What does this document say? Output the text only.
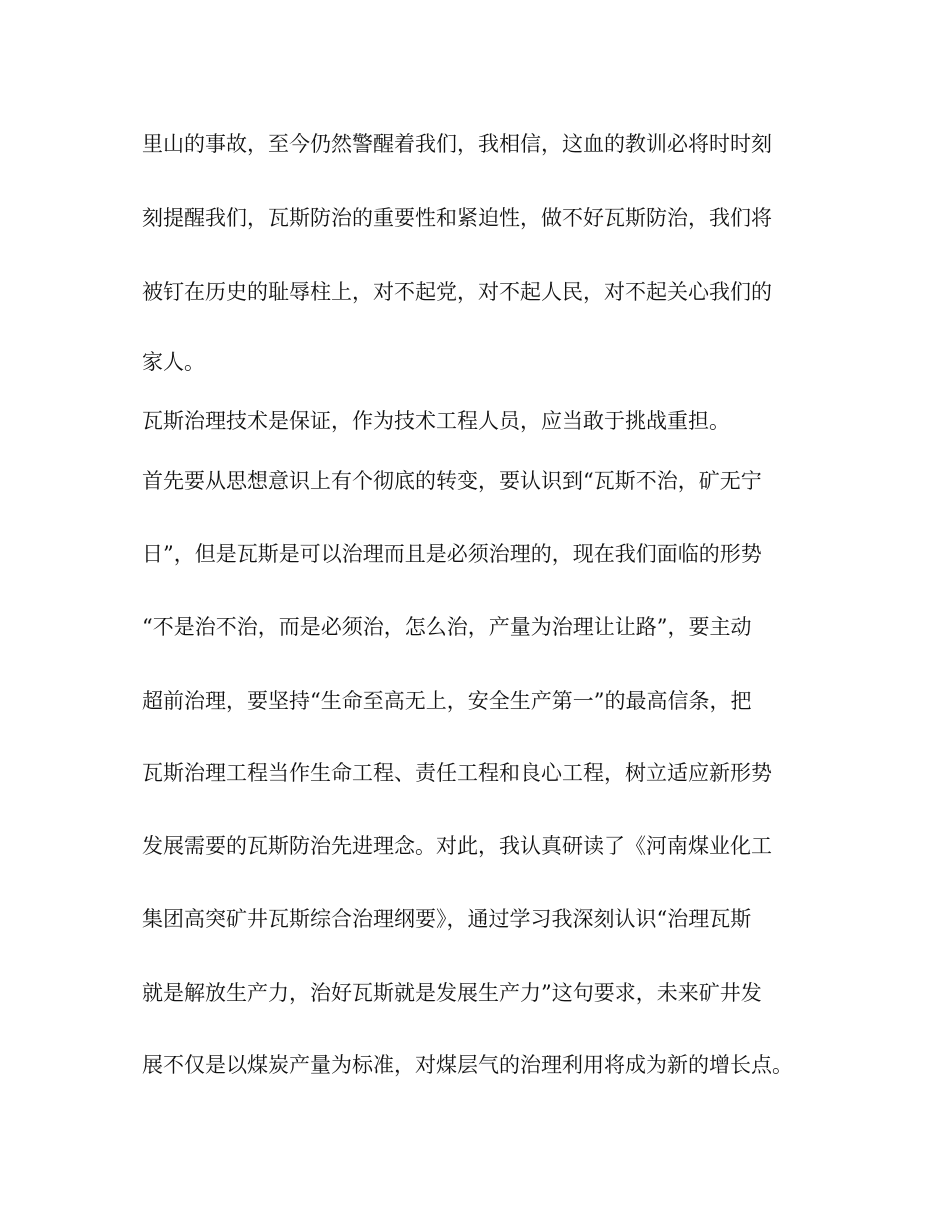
里山的事故，至今仍然警醒着我们，我相信，这血的教训必将时时刻
刻提醒我们，瓦斯防治的重要性和紧迫性，做不好瓦斯防治，我们将
被钉在历史的耻辱柱上，对不起党，对不起人民，对不起关心我们的
家人。
瓦斯治理技术是保证，作为技术工程人员，应当敢于挑战重担。
首先要从思想意识上有个彻底的转变，要认识到“瓦斯不治，矿无宁
日”，但是瓦斯是可以治理而且是必须治理的，现在我们面临的形势
“不是治不治，而是必须治，怎么治，产量为治理让让路”，要主动
超前治理，要坚持“生命至高无上，安全生产第一”的最高信条，把
瓦斯治理工程当作生命工程、责任工程和良心工程，树立适应新形势
发展需要的瓦斯防治先进理念。对此，我认真研读了《河南煤业化工
集团高突矿井瓦斯综合治理纲要》，通过学习我深刻认识“治理瓦斯
就是解放生产力，治好瓦斯就是发展生产力”这句要求，未来矿井发
展不仅是以煤炭产量为标准，对煤层气的治理利用将成为新的增长点。
